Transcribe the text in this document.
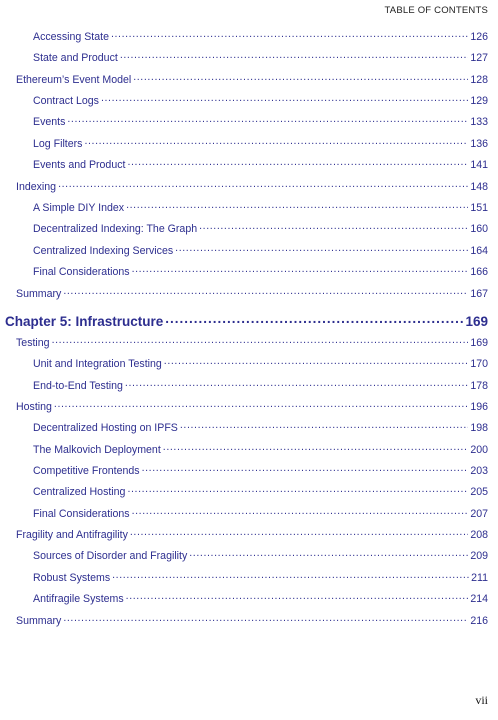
TABLE OF CONTENTS
Accessing State .....	126
State and Product .....	127
Ethereum’s Event Model .....	128
Contract Logs .....	129
Events .....	133
Log Filters .....	136
Events and Product .....	141
Indexing .....	148
A Simple DIY Index .....	151
Decentralized Indexing: The Graph .....	160
Centralized Indexing Services .....	164
Final Considerations .....	166
Summary .....	167
Chapter 5: Infrastructure .....	169
Testing .....	169
Unit and Integration Testing .....	170
End-to-End Testing .....	178
Hosting .....	196
Decentralized Hosting on IPFS .....	198
The Malkovich Deployment .....	200
Competitive Frontends .....	203
Centralized Hosting .....	205
Final Considerations .....	207
Fragility and Antifragility .....	208
Sources of Disorder and Fragility .....	209
Robust Systems .....	211
Antifragile Systems .....	214
Summary .....	216
vii
